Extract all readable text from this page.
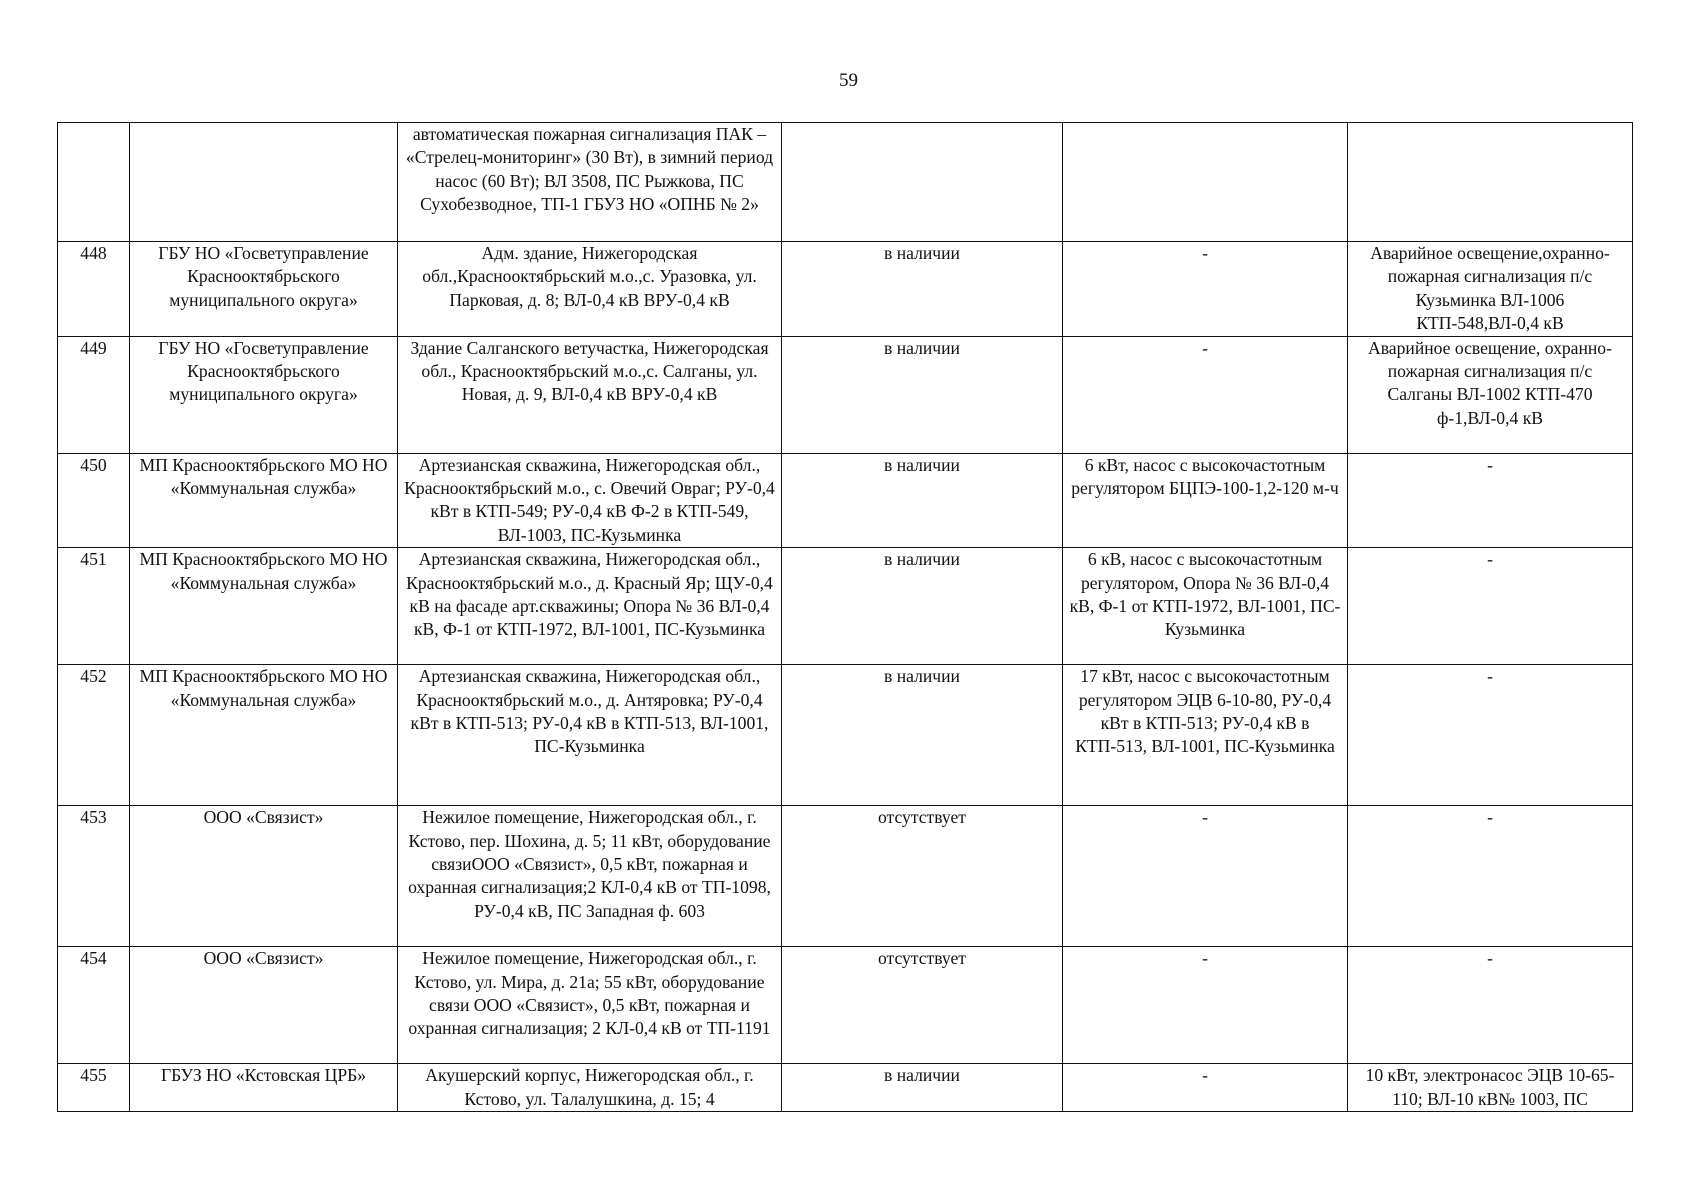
59
		автоматическая пожарная сигнализация ПАК – «Стрелец-мониторинг» (30 Вт), в зимний период насос (60 Вт); ВЛ 3508, ПС Рыжкова, ПС Сухобезводное, ТП-1 ГБУЗ НО «ОПНБ № 2»			
448	ГБУ НО «Госветуправление Краснооктябрьского муниципального округа»	Адм. здание, Нижегородская обл.,Краснооктябрьский м.о.,с. Уразовка, ул. Парковая, д. 8; ВЛ-0,4 кВ ВРУ-0,4 кВ	в наличии	-	Аварийное освещение,охранно-пожарная сигнализация п/с Кузьминка ВЛ-1006 КТП-548,ВЛ-0,4 кВ
449	ГБУ НО «Госветуправление Краснооктябрьского муниципального округа»	Здание Салганского ветучастка, Нижегородская обл., Краснооктябрьский м.о.,с. Салганы, ул. Новая, д. 9, ВЛ-0,4 кВ ВРУ-0,4 кВ	в наличии	-	Аварийное освещение, охранно-пожарная сигнализация п/с Салганы ВЛ-1002 КТП-470 ф-1,ВЛ-0,4 кВ
450	МП Краснооктябрьского МО НО «Коммунальная служба»	Артезианская скважина, Нижегородская обл., Краснооктябрьский м.о., с. Овечий Овраг; РУ-0,4 кВт в КТП-549; РУ-0,4 кВ Ф-2 в КТП-549, ВЛ-1003, ПС-Кузьминка	в наличии	6 кВт, насос с высокочастотным регулятором БЦПЭ-100-1,2-120 м-ч	-
451	МП Краснооктябрьского МО НО «Коммунальная служба»	Артезианская скважина, Нижегородская обл., Краснооктябрьский м.о., д. Красный Яр; ЩУ-0,4 кВ на фасаде арт.скважины; Опора № 36 ВЛ-0,4 кВ, Ф-1 от КТП-1972, ВЛ-1001, ПС-Кузьминка	в наличии	6 кВ, насос с высокочастотным регулятором, Опора № 36 ВЛ-0,4 кВ, Ф-1 от КТП-1972, ВЛ-1001, ПС-Кузьминка	-
452	МП Краснооктябрьского МО НО «Коммунальная служба»	Артезианская скважина, Нижегородская обл., Краснооктябрьский м.о., д. Антяровка; РУ-0,4 кВт в КТП-513; РУ-0,4 кВ в КТП-513, ВЛ-1001, ПС-Кузьминка	в наличии	17 кВт, насос с высокочастотным регулятором ЭЦВ 6-10-80, РУ-0,4 кВт в КТП-513; РУ-0,4 кВ в КТП-513, ВЛ-1001, ПС-Кузьминка	-
453	ООО «Связист»	Нежилое помещение, Нижегородская обл., г. Кстово, пер. Шохина, д. 5; 11 кВт, оборудование связиООО «Связист», 0,5 кВт, пожарная и охранная сигнализация;2 КЛ-0,4 кВ от ТП-1098, РУ-0,4 кВ, ПС Западная ф. 603	отсутствует	-	-
454	ООО «Связист»	Нежилое помещение, Нижегородская обл., г. Кстово, ул. Мира, д. 21а; 55 кВт, оборудование связи ООО «Связист», 0,5 кВт, пожарная и охранная сигнализация; 2 КЛ-0,4 кВ от ТП-1191	отсутствует	-	-
455	ГБУЗ НО «Кстовская ЦРБ»	Акушерский корпус, Нижегородская обл., г. Кстово, ул. Талалушкина, д. 15; 4	в наличии	-	10 кВт, электронасос ЭЦВ 10-65-110; ВЛ-10 кВ№ 1003, ПС
